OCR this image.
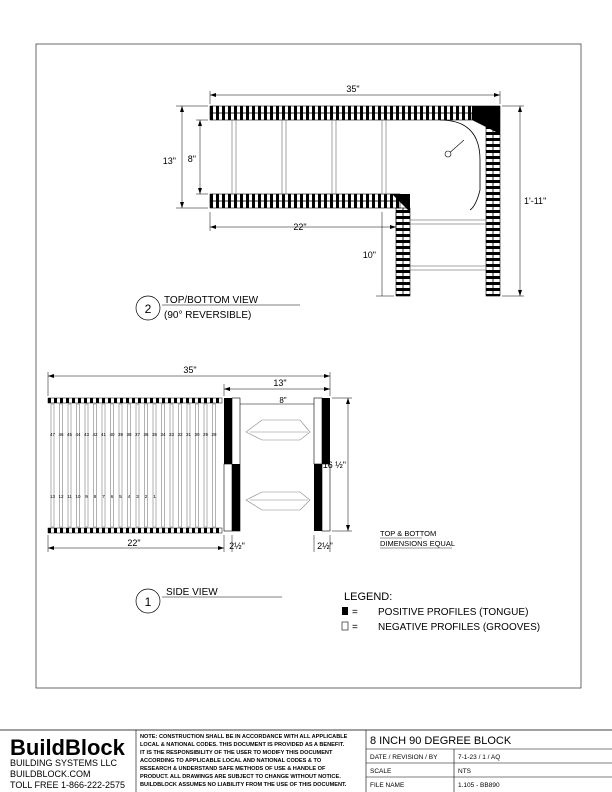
35"
13" 8"
22"
10"
1'-11"
2
TOP/BOTTOM VIEW
(90° REVERSIBLE)
47 46 45 44 43 42 41 40 39 38 37 36 35 34 33 32 31 30 29 28
13 12 11 10 9 8 7 6 5 4 3 2 1
35"
13"
8"
16 ½"
22"	2½"	2½"
TOP & BOTTOM
DIMENSIONS EQUAL
1
SIDE VIEW	LEGEND:
= POSITIVE PROFILES (TONGUE)
= NEGATIVE PROFILES (GROOVES)
BuildBlock
BUILDING SYSTEMS LLC
BUILDBLOCK.COM
TOLL FREE 1-866-222-2575
NOTE: CONSTRUCTION SHALL BE IN ACCORDANCE WITH ALL APPLICABLE
LOCAL & NATIONAL CODES. THIS DOCUMENT IS PROVIDED AS A BENEFIT.
IT IS THE RESPONSIBILITY OF THE USER TO MODIFY THIS DOCUMENT
ACCORDING TO APPLICABLE LOCAL AND NATIONAL CODES & TO
RESEARCH & UNDERSTAND SAFE METHODS OF USE & HANDLE OF
PRODUCT. ALL DRAWINGS ARE SUBJECT TO CHANGE WITHOUT NOTICE.
BUILDBLOCK ASSUMES NO LIABILITY FROM THE USE OF THIS DOCUMENT.
8 INCH 90 DEGREE BLOCK
DATE / REVISION / BY	7-1-23 / 1 / AQ
SCALE	NTS
FILE NAME	1.105 - BB890
